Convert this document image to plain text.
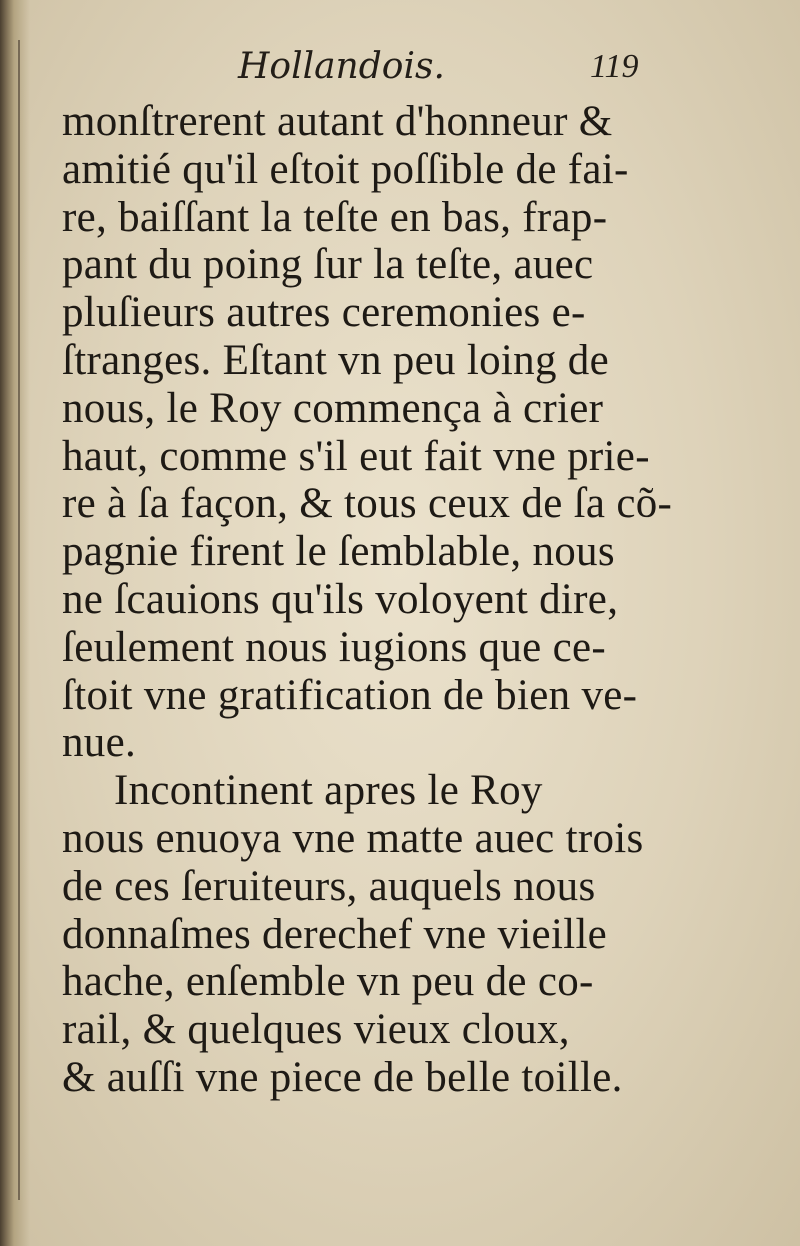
Hollandois.	119
monſtrerent autant d'honneur &
amitié qu'il eſtoit poſſible de fai-
re, baiſſant la teſte en bas, frap-
pant du poing ſur la teſte, auec
pluſieurs autres ceremonies e-
ſtranges. Eſtant vn peu loing de
nous, le Roy commença à crier
haut, comme s'il eut fait vne prie-
re à ſa façon, & tous ceux de ſa cõ-
pagnie firent le ſemblable, nous
ne ſcauions qu'ils voloyent dire,
ſeulement nous iugions que ce-
ſtoit vne gratification de bien ve-
nue.
Incontinent apres le Roy
nous enuoya vne matte auec trois
de ces ſeruiteurs, auquels nous
donnaſmes derechef vne vieille
hache, enſemble vn peu de co-
rail, & quelques vieux cloux,
& auſſi vne piece de belle toille.
